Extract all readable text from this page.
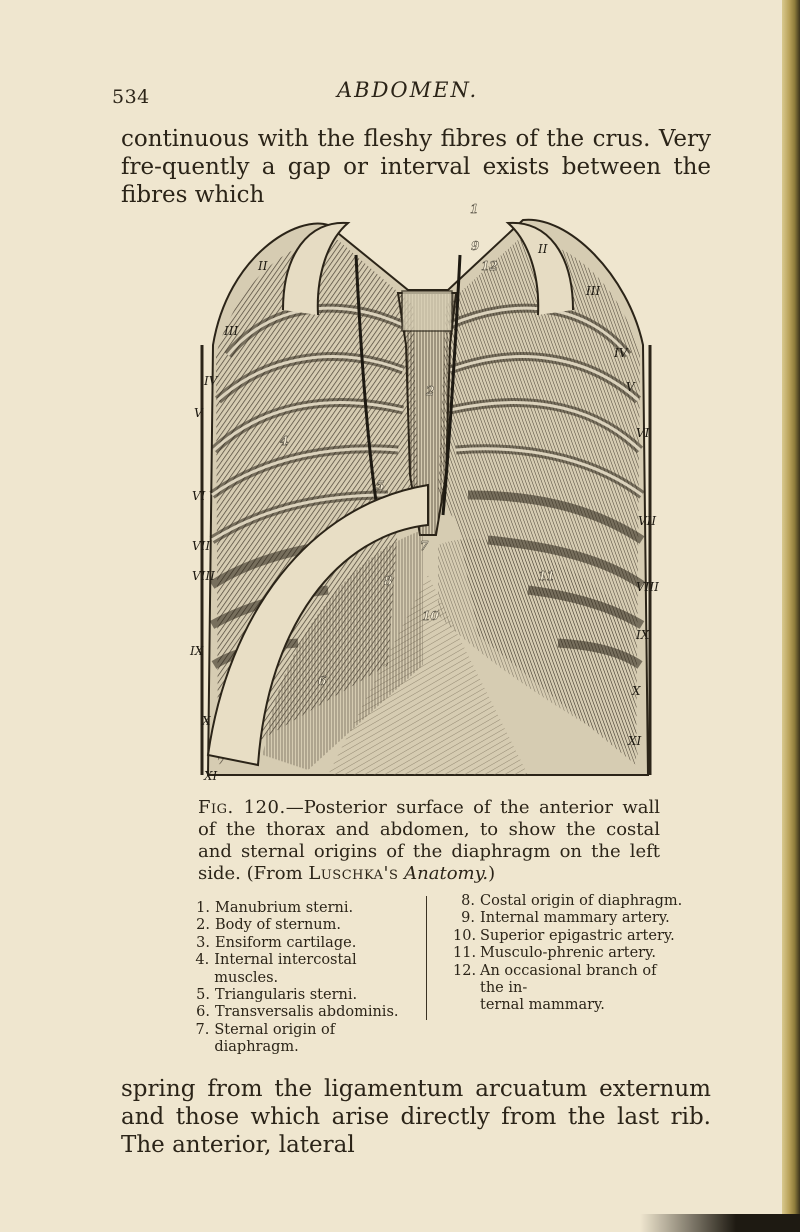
534	ABDOMEN.

continuous with the fleshy fibres of the crus. Very fre-quently a gap or interval exists between the fibres which

II
III
IV
V
VI
VII
VIII
IX
X
XI
II
III
IV
V
VI
VII
VIII
IX
X
XI
1
2
4
5
6
7
8
9
10
11
12

Fig. 120.—Posterior surface of the anterior wall of the thorax and abdomen, to show the costal and sternal origins of the diaphragm on the left side. (From Luschka's Anatomy.)

1. Manubrium sterni.
2. Body of sternum.
3. Ensiform cartilage.
4. Internal intercostal muscles.
5. Triangularis sterni.
6. Transversalis abdominis.
7. Sternal origin of diaphragm.
8. Costal origin of diaphragm.
9. Internal mammary artery.
10. Superior epigastric artery.
11. Musculo-phrenic artery.
12. An occasional branch of the in-
ternal mammary.

spring from the ligamentum arcuatum externum and those which arise directly from the last rib. The anterior, lateral
